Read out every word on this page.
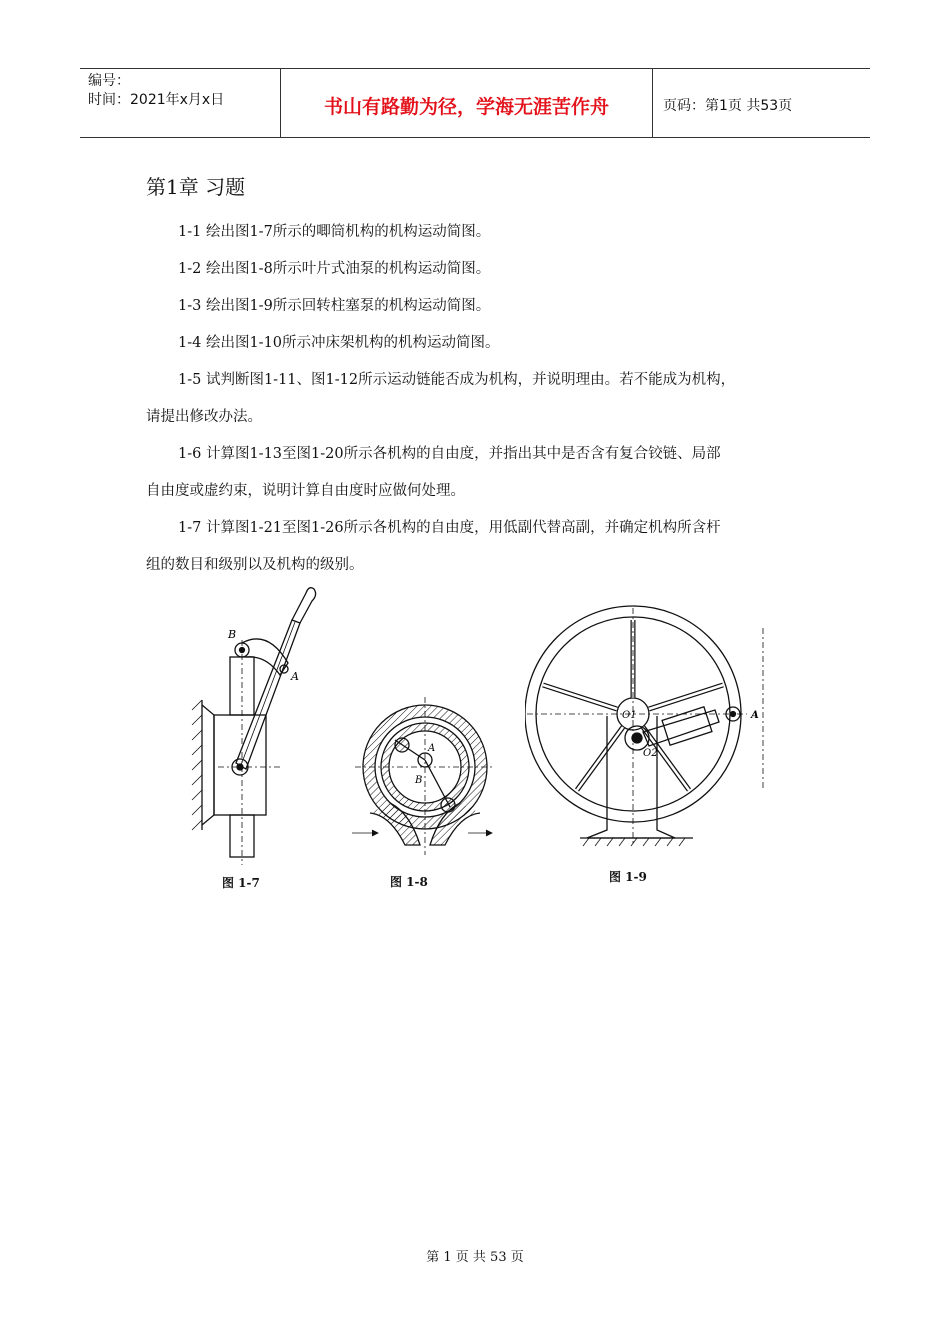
编号：
时间：2021年x月x日	书山有路勤为径，学海无涯苦作舟	页码：第1页 共53页
第1章 习题
1-1 绘出图1-7所示的唧筒机构的机构运动简图。
1-2 绘出图1-8所示叶片式油泵的机构运动简图。
1-3 绘出图1-9所示回转柱塞泵的机构运动简图。
1-4 绘出图1-10所示冲床架机构的机构运动简图。
1-5 试判断图1-11、图1-12所示运动链能否成为机构，并说明理由。若不能成为机构，
请提出修改办法。
1-6 计算图1-13至图1-20所示各机构的自由度，并指出其中是否含有复合铰链、局部
自由度或虚约束，说明计算自由度时应做何处理。
1-7 计算图1-21至图1-26所示各机构的自由度，用低副代替高副，并确定机构所含杆
组的数目和级别以及机构的级别。
B
A
图 1-7
A
B
图 1-8
O1
O2
A
图 1-9
第 1 页 共 53 页
